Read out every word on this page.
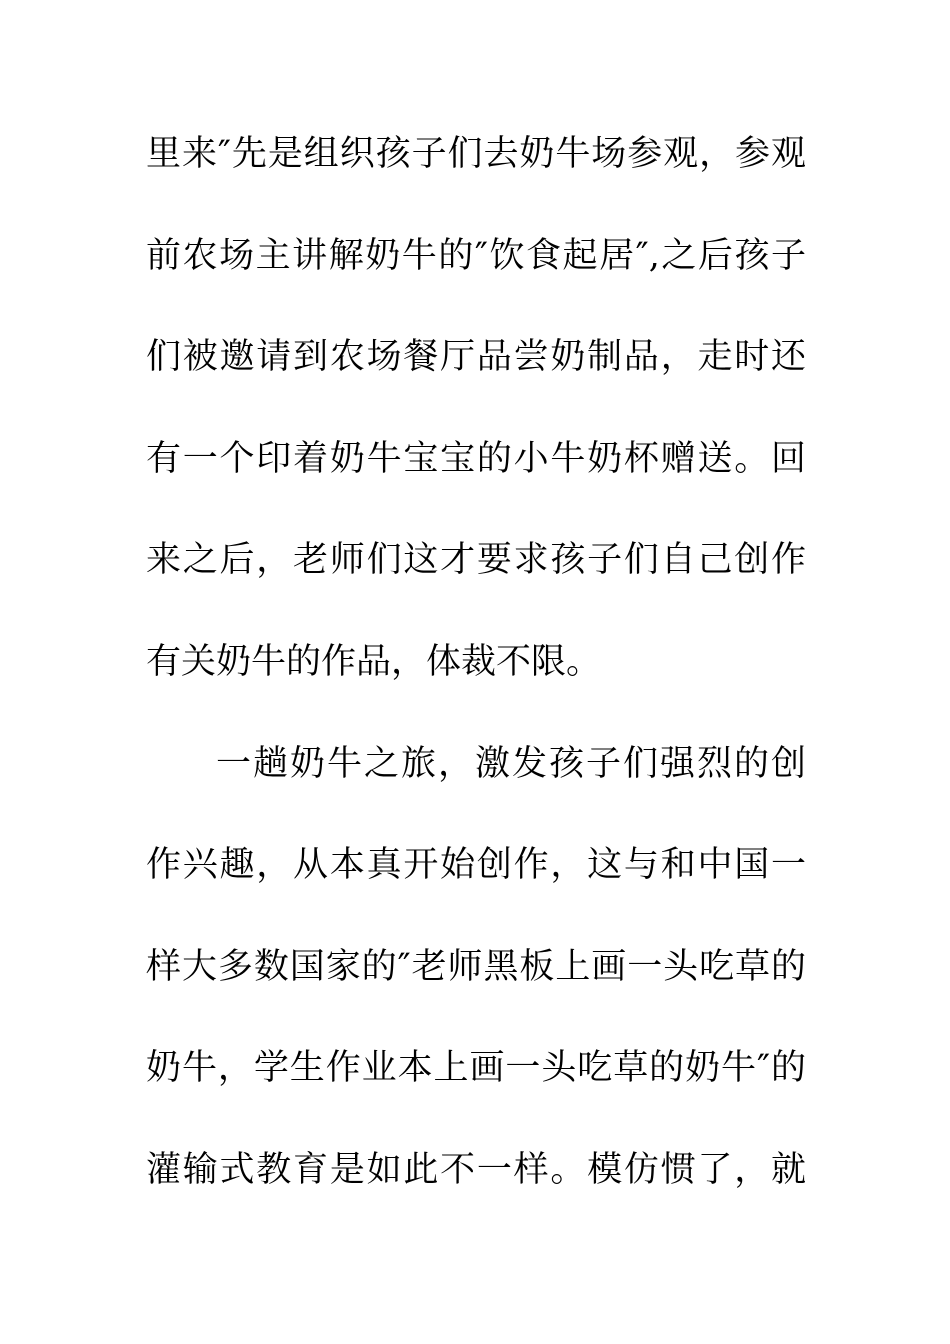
里来″先是组织孩子们去奶牛场参观，参观
前农场主讲解奶牛的″饮食起居″,之后孩子
们被邀请到农场餐厅品尝奶制品，走时还
有一个印着奶牛宝宝的小牛奶杯赠送。回
来之后，老师们这才要求孩子们自己创作
有关奶牛的作品，体裁不限。
一趟奶牛之旅，激发孩子们强烈的创
作兴趣，从本真开始创作，这与和中国一
样大多数国家的″老师黑板上画一头吃草的
奶牛，学生作业本上画一头吃草的奶牛″的
灌输式教育是如此不一样。模仿惯了，就
